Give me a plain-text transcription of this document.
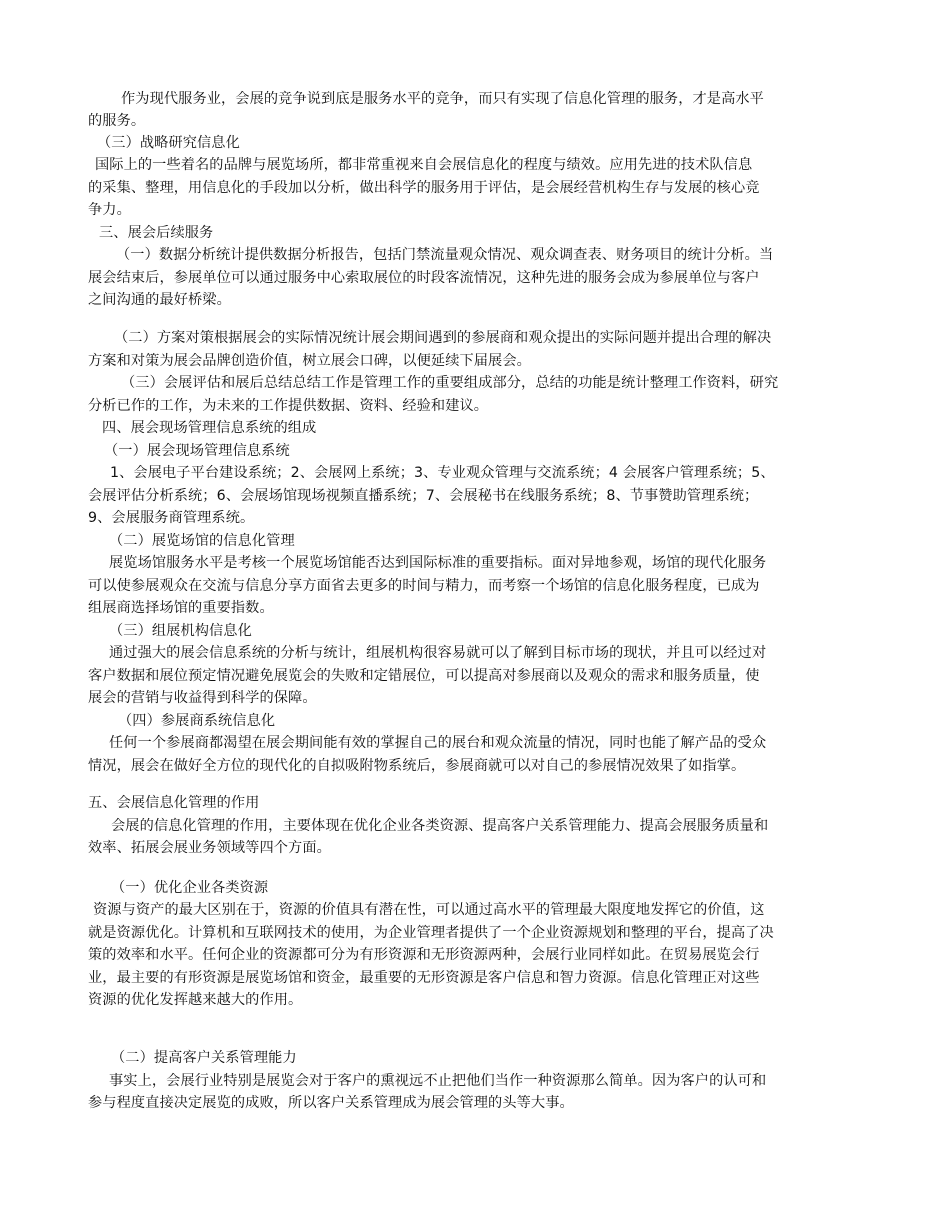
作为现代服务业，会展的竞争说到底是服务水平的竞争，而只有实现了信息化管理的服务，才是高水平
的服务。
（三）战略研究信息化
国际上的一些着名的品牌与展览场所，都非常重视来自会展信息化的程度与绩效。应用先进的技术队信息
的采集、整理，用信息化的手段加以分析，做出科学的服务用于评估，是会展经营机构生存与发展的核心竞
争力。
三、展会后续服务
（一）数据分析统计提供数据分析报告，包括门禁流量观众情况、观众调查表、财务项目的统计分析。当
展会结束后，参展单位可以通过服务中心索取展位的时段客流情况，这种先进的服务会成为参展单位与客户
之间沟通的最好桥梁。
（二）方案对策根据展会的实际情况统计展会期间遇到的参展商和观众提出的实际问题并提出合理的解决
方案和对策为展会品牌创造价值，树立展会口碑，以便延续下届展会。
（三）会展评估和展后总结总结工作是管理工作的重要组成部分，总结的功能是统计整理工作资料，研究
分析已作的工作，为未来的工作提供数据、资料、经验和建议。
四、展会现场管理信息系统的组成
（一）展会现场管理信息系统
1、会展电子平台建设系统；2、会展网上系统；3、专业观众管理与交流系统；4 会展客户管理系统；5、
会展评估分析系统；6、会展场馆现场视频直播系统；7、会展秘书在线服务系统；8、节事赞助管理系统；
9、会展服务商管理系统。
（二）展览场馆的信息化管理
展览场馆服务水平是考核一个展览场馆能否达到国际标准的重要指标。面对异地参观，场馆的现代化服务
可以使参展观众在交流与信息分享方面省去更多的时间与精力，而考察一个场馆的信息化服务程度，已成为
组展商选择场馆的重要指数。
（三）组展机构信息化
通过强大的展会信息系统的分析与统计，组展机构很容易就可以了解到目标市场的现状，并且可以经过对
客户数据和展位预定情况避免展览会的失败和定错展位，可以提高对参展商以及观众的需求和服务质量，使
展会的营销与收益得到科学的保障。
（四）参展商系统信息化
任何一个参展商都渴望在展会期间能有效的掌握自己的展台和观众流量的情况，同时也能了解产品的受众
情况，展会在做好全方位的现代化的自拟吸附物系统后，参展商就可以对自己的参展情况效果了如指掌。
五、会展信息化管理的作用
会展的信息化管理的作用，主要体现在优化企业各类资源、提高客户关系管理能力、提高会展服务质量和
效率、拓展会展业务领域等四个方面。
（一）优化企业各类资源
资源与资产的最大区别在于，资源的价值具有潜在性，可以通过高水平的管理最大限度地发挥它的价值，这
就是资源优化。计算机和互联网技术的使用，为企业管理者提供了一个企业资源规划和整理的平台，提高了决
策的效率和水平。任何企业的资源都可分为有形资源和无形资源两种，会展行业同样如此。在贸易展览会行
业，最主要的有形资源是展览场馆和资金，最重要的无形资源是客户信息和智力资源。信息化管理正对这些
资源的优化发挥越来越大的作用。
（二）提高客户关系管理能力
事实上，会展行业特别是展览会对于客户的熏视远不止把他们当作一种资源那么简单。因为客户的认可和
参与程度直接决定展览的成败，所以客户关系管理成为展会管理的头等大事。
